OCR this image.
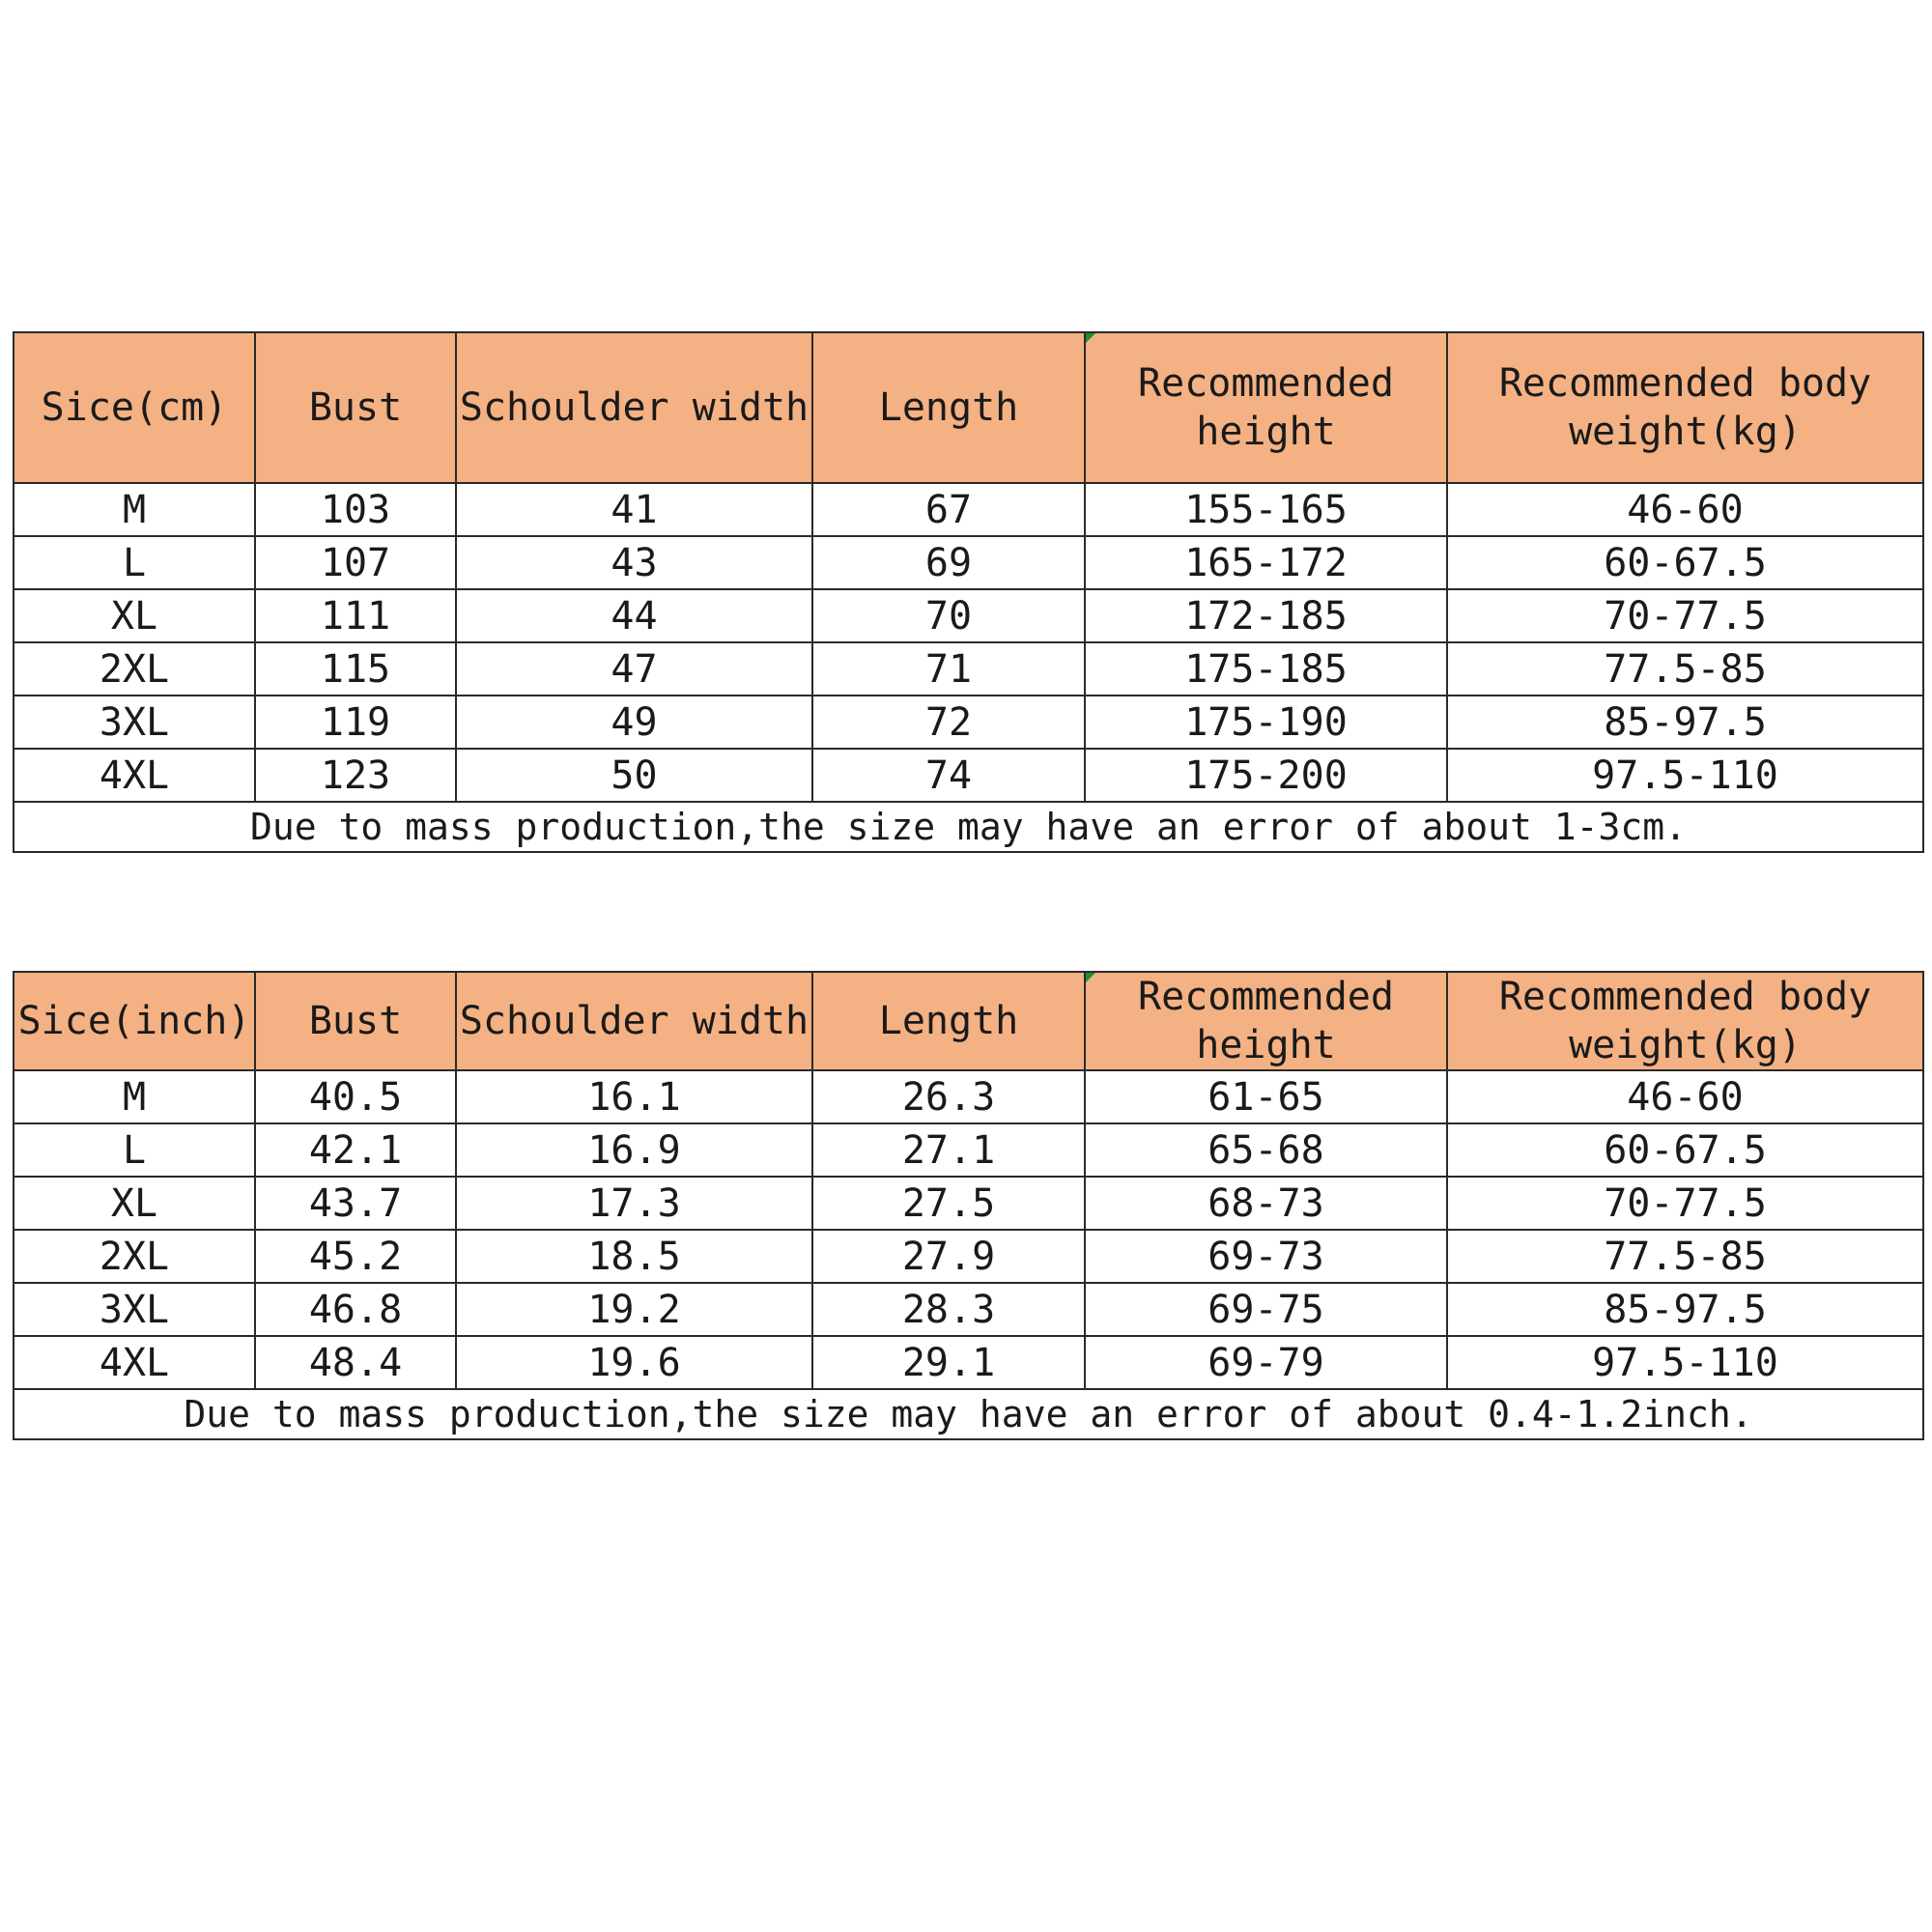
Sice(cm)	Bust	Schoulder width	Length	Recommended height	Recommended body weight(kg)
M	103	41	67	155-165	46-60
L	107	43	69	165-172	60-67.5
XL	111	44	70	172-185	70-77.5
2XL	115	47	71	175-185	77.5-85
3XL	119	49	72	175-190	85-97.5
4XL	123	50	74	175-200	97.5-110
Due to mass production,the size may have an error of about 1-3cm.					
Sice(inch)	Bust	Schoulder width	Length	Recommended height	Recommended body weight(kg)
M	40.5	16.1	26.3	61-65	46-60
L	42.1	16.9	27.1	65-68	60-67.5
XL	43.7	17.3	27.5	68-73	70-77.5
2XL	45.2	18.5	27.9	69-73	77.5-85
3XL	46.8	19.2	28.3	69-75	85-97.5
4XL	48.4	19.6	29.1	69-79	97.5-110
Due to mass production,the size may have an error of about 0.4-1.2inch.					
